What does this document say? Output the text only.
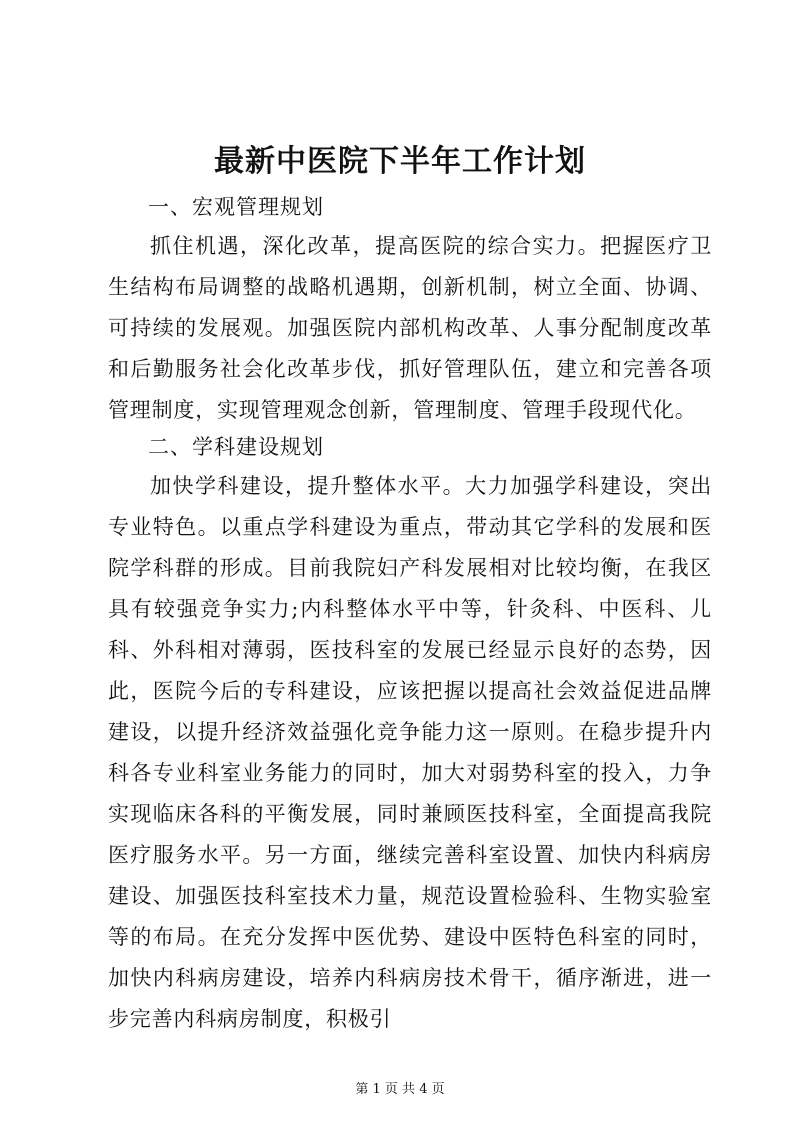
最新中医院下半年工作计划

一、宏观管理规划

抓住机遇，深化改革，提高医院的综合实力。把握医疗卫生结构布局调整的战略机遇期，创新机制，树立全面、协调、可持续的发展观。加强医院内部机构改革、人事分配制度改革和后勤服务社会化改革步伐，抓好管理队伍，建立和完善各项管理制度，实现管理观念创新，管理制度、管理手段现代化。

二、学科建设规划

加快学科建设，提升整体水平。大力加强学科建设，突出专业特色。以重点学科建设为重点，带动其它学科的发展和医院学科群的形成。目前我院妇产科发展相对比较均衡，在我区具有较强竞争实力;内科整体水平中等，针灸科、中医科、儿科、外科相对薄弱，医技科室的发展已经显示良好的态势，因此，医院今后的专科建设，应该把握以提高社会效益促进品牌建设，以提升经济效益强化竞争能力这一原则。在稳步提升内科各专业科室业务能力的同时，加大对弱势科室的投入，力争实现临床各科的平衡发展，同时兼顾医技科室，全面提高我院医疗服务水平。另一方面，继续完善科室设置、加快内科病房建设、加强医技科室技术力量，规范设置检验科、生物实验室等的布局。在充分发挥中医优势、建设中医特色科室的同时，加快内科病房建设，培养内科病房技术骨干，循序渐进，进一步完善内科病房制度，积极引

第 1 页 共 4 页
